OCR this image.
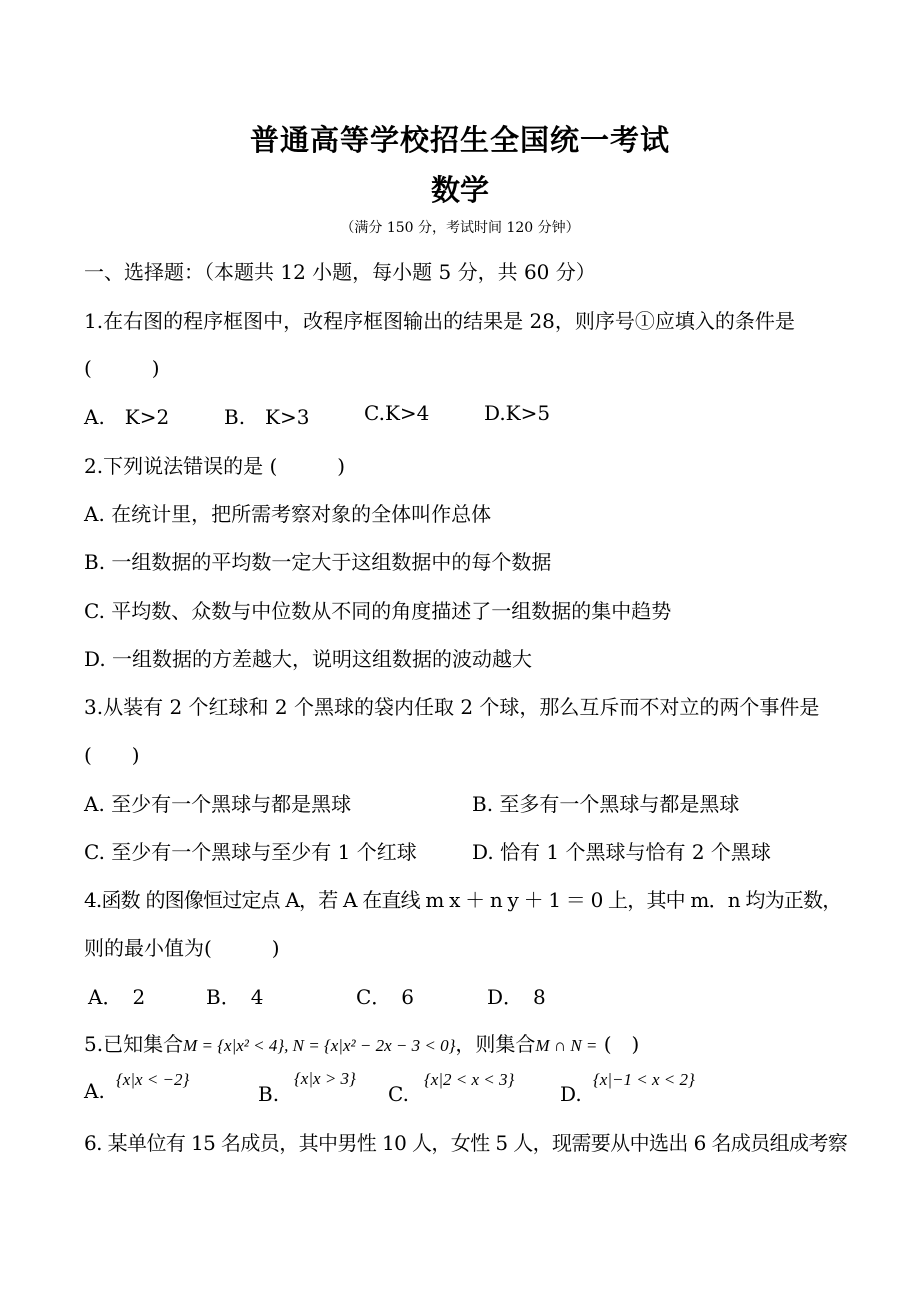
普通高等学校招生全国统一考试
数学
（满分 150 分，考试时间 120 分钟）
一、选择题：（本题共 12 小题，每小题 5 分，共 60 分）
1.在右图的程序框图中，改程序框图输出的结果是 28，则序号①应填入的条件是
(　　　)
A.　K>2	B.　K>3	C.K>4	D.K>5
2.下列说法错误的是 (　　　)
A. 在统计里，把所需考察对象的全体叫作总体
B. 一组数据的平均数一定大于这组数据中的每个数据
C. 平均数、众数与中位数从不同的角度描述了一组数据的集中趋势
D. 一组数据的方差越大，说明这组数据的波动越大
3.从装有 2 个红球和 2 个黑球的袋内任取 2 个球，那么互斥而不对立的两个事件是
(　　)
A. 至少有一个黑球与都是黑球	B. 至多有一个黑球与都是黑球
C. 至少有一个黑球与至少有 1 个红球	D. 恰有 1 个黑球与恰有 2 个黑球
4.函数 的图像恒过定点 A，若 A 在直线 m x ＋ n y ＋ 1 ＝ 0 上，其中 m．n 均为正数，
则的最小值为(　　　)
A．　2	B．　4	C．　6	D．　8
5.已知集合M = {x|x² < 4}, N = {x|x² − 2x − 3 < 0}，则集合M ∩ N = (　)
A. {x|x < −2}
B.
{x|x > 3}
C.
{x|2 < x < 3}
D.
{x|−1 < x < 2}
6. 某单位有 15 名成员，其中男性 10 人，女性 5 人，现需要从中选出 6 名成员组成考察
